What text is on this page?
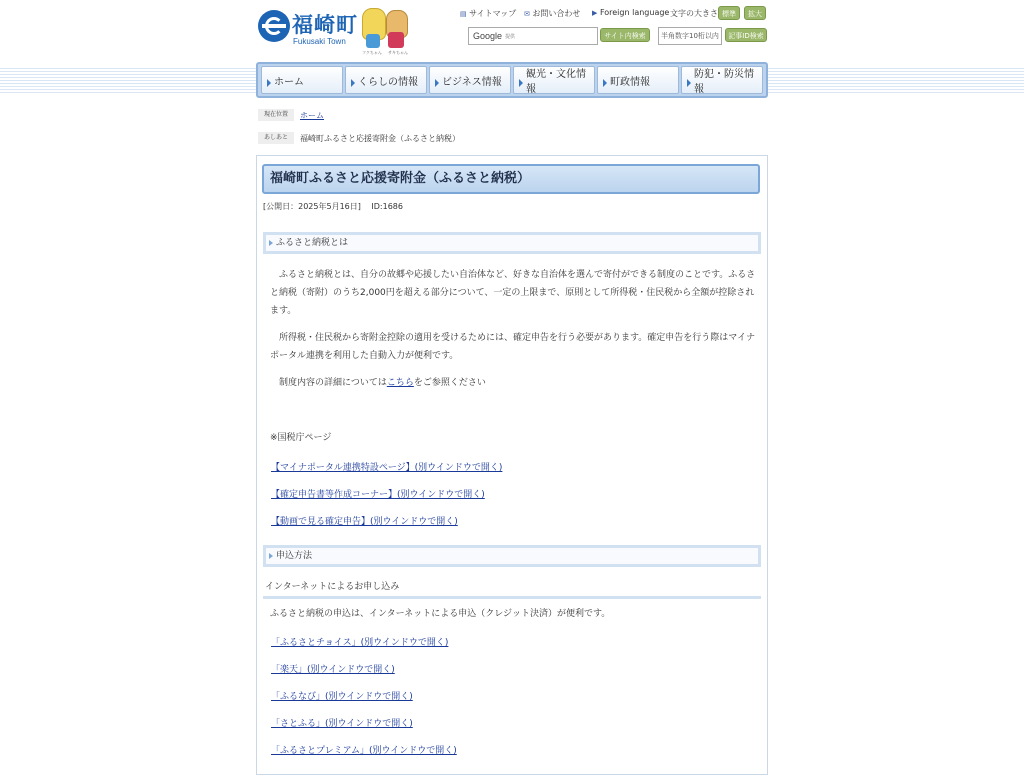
福崎町
Fukusaki Town
フクちゃん サキちゃん
▤ サイトマップ ✉ お問い合わせ ▶ Foreign language 文字の大きさ 標準	拡大
Google 提供	サイト内検索	半角数字10桁以内	記事ID検索
ホーム	くらしの情報	ビジネス情報
観光・文化情報
町政情報
防犯・防災情報
現在位置	ホーム
あしあと	福崎町ふるさと応援寄附金（ふるさと納税）
福崎町ふるさと応援寄附金（ふるさと納税）
[公開日：2025年5月16日]　 ID:1686
ふるさと納税とは

　ふるさと納税とは、自分の故郷や応援したい自治体など、好きな自治体を選んで寄付ができる制度のことです。ふるさと納税（寄附）のうち2,000円を超える部分について、一定の上限まで、原則として所得税・住民税から全額が控除されます。

　所得税・住民税から寄附金控除の適用を受けるためには、確定申告を行う必要があります。確定申告を行う際はマイナポータル連携を利用した自動入力が便利です。

　制度内容の詳細についてはこちらをご参照ください

※国税庁ページ

【マイナポータル連携特設ページ】(別ウインドウで開く)
【確定申告書等作成コーナー】(別ウインドウで開く)
【動画で見る確定申告】(別ウインドウで開く)
申込方法
インターネットによるお申し込み

ふるさと納税の申込は、インターネットによる申込（クレジット決済）が便利です。

「ふるさとチョイス」(別ウインドウで開く)
「楽天」(別ウインドウで開く)
「ふるなび」(別ウインドウで開く)
「さとふる」(別ウインドウで開く)
「ふるさとプレミアム」(別ウインドウで開く)
